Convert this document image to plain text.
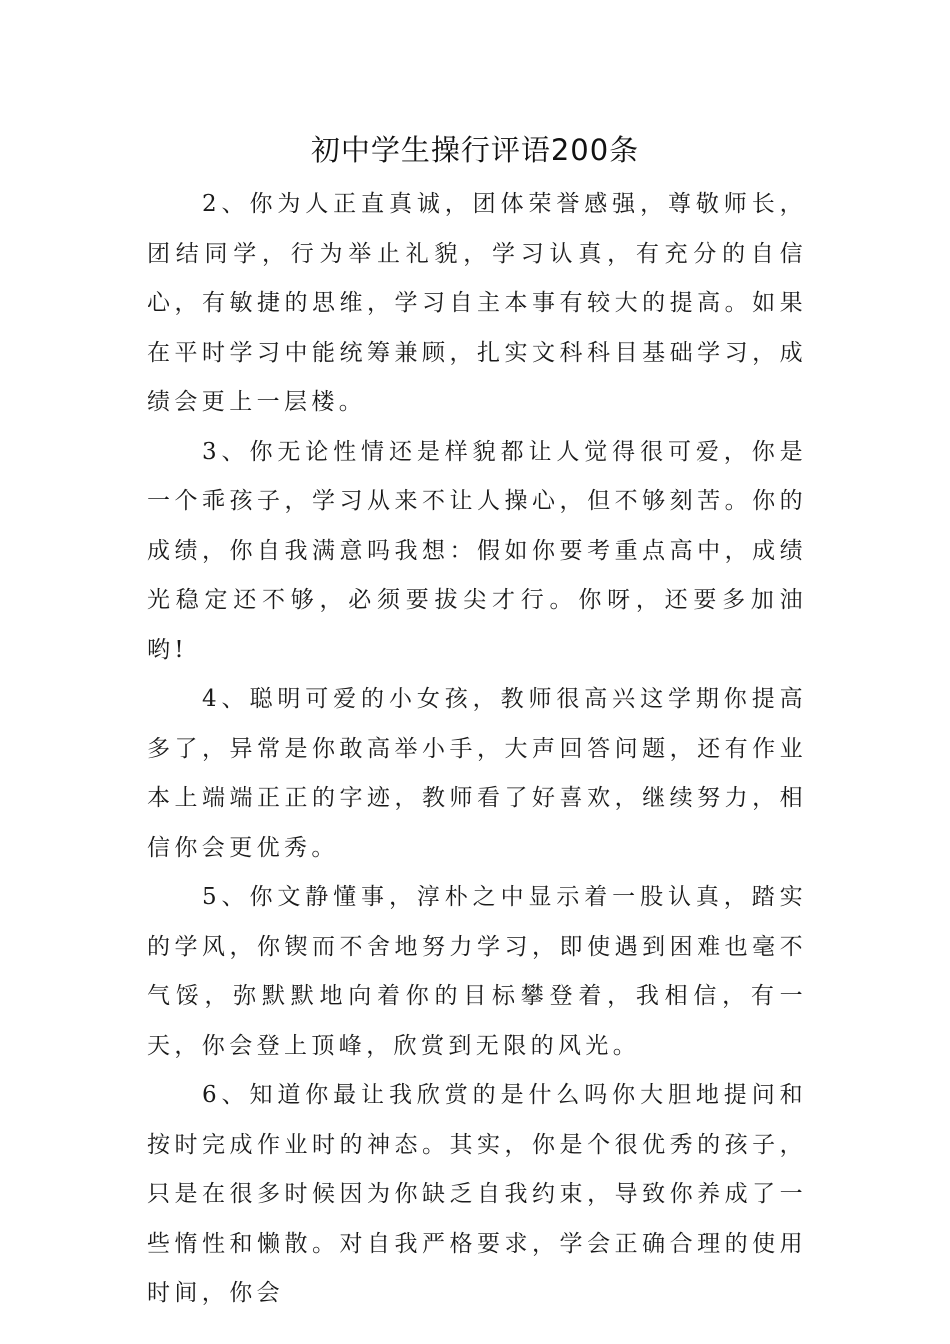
初中学生操行评语200条

2、你为人正直真诚，团体荣誉感强，尊敬师长，团结同学，行为举止礼貌，学习认真，有充分的自信心，有敏捷的思维，学习自主本事有较大的提高。如果在平时学习中能统筹兼顾，扎实文科科目基础学习，成绩会更上一层楼。

3、你无论性情还是样貌都让人觉得很可爱，你是一个乖孩子，学习从来不让人操心，但不够刻苦。你的成绩，你自我满意吗我想：假如你要考重点高中，成绩光稳定还不够，必须要拔尖才行。你呀，还要多加油哟!

4、聪明可爱的小女孩，教师很高兴这学期你提高多了，异常是你敢高举小手，大声回答问题，还有作业本上端端正正的字迹，教师看了好喜欢，继续努力，相信你会更优秀。

5、你文静懂事，淳朴之中显示着一股认真，踏实的学风，你锲而不舍地努力学习，即使遇到困难也毫不气馁，弥默默地向着你的目标攀登着，我相信，有一天，你会登上顶峰，欣赏到无限的风光。

6、知道你最让我欣赏的是什么吗你大胆地提问和按时完成作业时的神态。其实，你是个很优秀的孩子，只是在很多时候因为你缺乏自我约束，导致你养成了一些惰性和懒散。对自我严格要求，学会正确合理的使用时间，你会
